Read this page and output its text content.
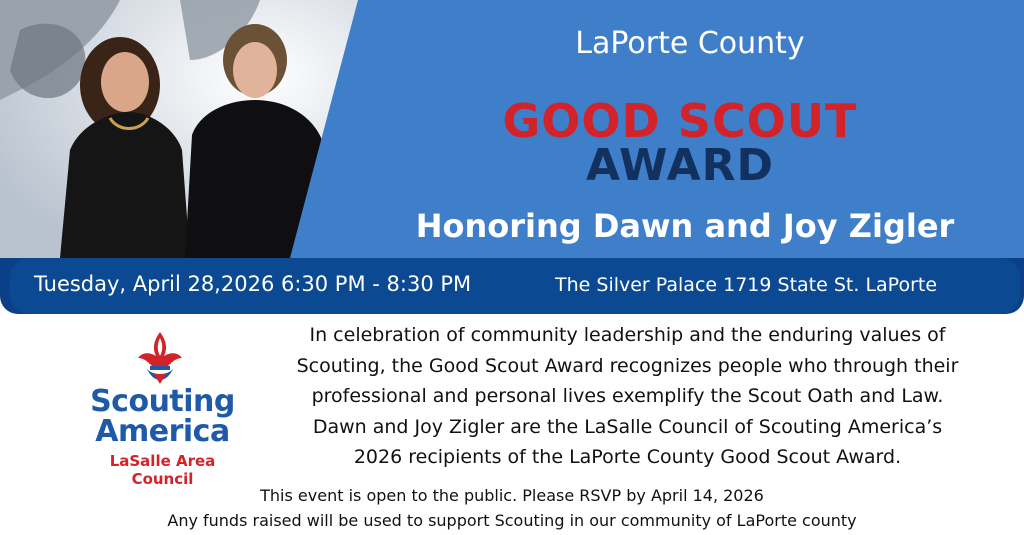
LaPorte County
GOOD SCOUT
AWARD
Honoring Dawn and Joy Zigler
Tuesday, April 28,2026 6:30 PM - 8:30 PM	The Silver Palace 1719 State St. LaPorte
Scouting
America
LaSalle Area Council
In celebration of community leadership and the enduring values of
Scouting, the Good Scout Award recognizes people who through their
professional and personal lives exemplify the Scout Oath and Law.
Dawn and Joy Zigler are the LaSalle Council of Scouting America’s
2026 recipients of the LaPorte County Good Scout Award.
This event is open to the public. Please RSVP by April 14, 2026
Any funds raised will be used to support Scouting in our community of LaPorte county
